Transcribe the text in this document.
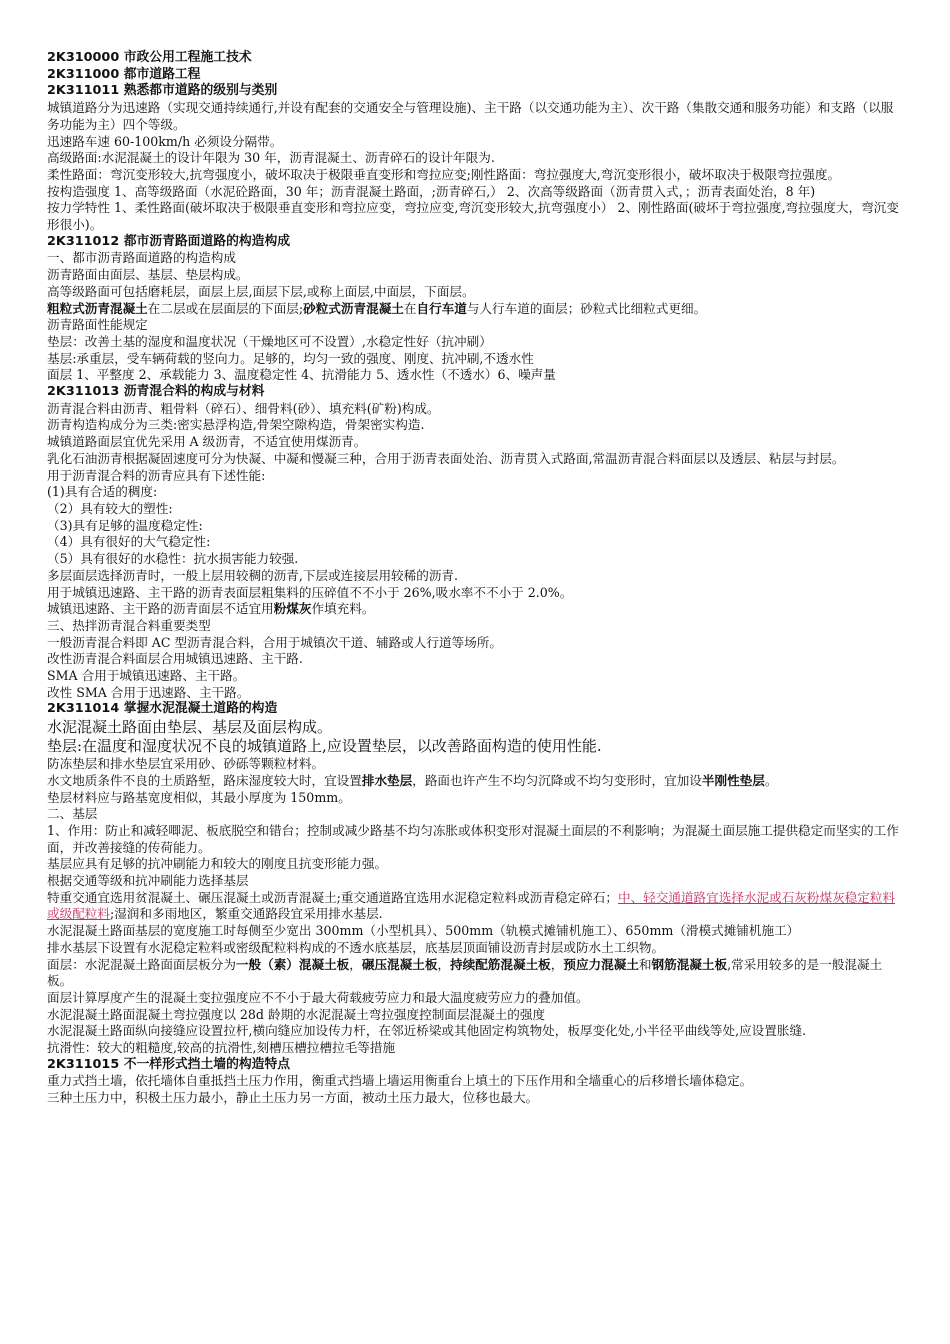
2K310000 市政公用工程施工技术
2K311000 都市道路工程
2K311011 熟悉都市道路的级别与类别
城镇道路分为迅速路（实现交通持续通行,并设有配套的交通安全与管理设施)、主干路（以交通功能为主）、次干路（集散交通和服务功能）和支路（以服务功能为主）四个等级。
迅速路车速 60-100km/h 必须设分隔带。
高级路面:水泥混凝土的设计年限为 30 年，沥青混凝土、沥青碎石的设计年限为.
柔性路面：弯沉变形较大,抗弯强度小，破坏取决于极限垂直变形和弯拉应变;刚性路面：弯拉强度大,弯沉变形很小，破坏取决于极限弯拉强度。
按构造强度 1、高等级路面（水泥砼路面，30 年；沥青混凝土路面，;沥青碎石,） 2、次高等级路面（沥青贯入式，；沥青表面处治，8 年)
按力学特性 1、柔性路面(破坏取决于极限垂直变形和弯拉应变，弯拉应变,弯沉变形较大,抗弯强度小） 2、刚性路面(破坏于弯拉强度,弯拉强度大，弯沉变形很小)。
2K311012 都市沥青路面道路的构造构成
一、都市沥青路面道路的构造构成
沥青路面由面层、基层、垫层构成。
高等级路面可包括磨耗层，面层上层,面层下层,或称上面层,中面层，下面层。
粗粒式沥青混凝土在二层或在层面层的下面层;砂粒式沥青混凝土在自行车道与人行车道的面层；砂粒式比细粒式更细。
沥青路面性能规定
垫层：改善土基的湿度和温度状况（干燥地区可不设置）,水稳定性好（抗冲刷）
基层:承重层，受车辆荷载的竖向力。足够的，均匀一致的强度、刚度、抗冲刷,不透水性
面层 1、平整度 2、承载能力 3、温度稳定性 4、抗滑能力 5、透水性（不透水）6、噪声量
2K311013 沥青混合料的构成与材料
沥青混合料由沥青、粗骨料（碎石）、细骨料(砂）、填充料(矿粉)构成。
沥青构造构成分为三类:密实悬浮构造,骨架空隙构造，骨架密实构造.
城镇道路面层宜优先采用 A 级沥青，不适宜使用煤沥青。
乳化石油沥青根据凝固速度可分为快凝、中凝和慢凝三种，合用于沥青表面处治、沥青贯入式路面,常温沥青混合料面层以及透层、粘层与封层。
用于沥青混合料的沥青应具有下述性能:
(1)具有合适的稠度:
（2）具有较大的塑性:
（3)具有足够的温度稳定性:
（4）具有很好的大气稳定性:
（5）具有很好的水稳性：抗水损害能力较强.
多层面层选择沥青时，一般上层用较稠的沥青,下层或连接层用较稀的沥青.
用于城镇迅速路、主干路的沥青表面层粗集料的压碎值不不小于 26%,吸水率不不小于 2.0%。
城镇迅速路、主干路的沥青面层不适宜用粉煤灰作填充料。
三、热拌沥青混合料重要类型
一般沥青混合料即 AC 型沥青混合料，合用于城镇次干道、辅路或人行道等场所。
改性沥青混合料面层合用城镇迅速路、主干路.
SMA 合用于城镇迅速路、主干路。
改性 SMA 合用于迅速路、主干路。
2K311014 掌握水泥混凝土道路的构造
水泥混凝土路面由垫层、基层及面层构成。
垫层:在温度和湿度状况不良的城镇道路上,应设置垫层，以改善路面构造的使用性能.
防冻垫层和排水垫层宜采用砂、砂砾等颗粒材料。
水文地质条件不良的土质路堑，路床湿度较大时，宜设置排水垫层，路面也许产生不均匀沉降或不均匀变形时，宜加设半刚性垫层。
垫层材料应与路基宽度相似，其最小厚度为 150mm。
二、基层
1、作用：防止和减轻唧泥、板底脱空和错台；控制或减少路基不均匀冻胀或体积变形对混凝土面层的不利影响；为混凝土面层施工提供稳定而坚实的工作面，并改善接缝的传荷能力。
基层应具有足够的抗冲刷能力和较大的刚度且抗变形能力强。
根据交通等级和抗冲刷能力选择基层
特重交通宜选用贫混凝土、碾压混凝土或沥青混凝土;重交通道路宜选用水泥稳定粒料或沥青稳定碎石；中、轻交通道路宜选择水泥或石灰粉煤灰稳定粒料或级配粒料;湿润和多雨地区，繁重交通路段宜采用排水基层.
水泥混凝土路面基层的宽度施工时每侧至少宽出 300mm（小型机具）、500mm（轨模式摊铺机施工）、650mm（滑模式摊铺机施工）
排水基层下设置有水泥稳定粒料或密级配粒料构成的不透水底基层，底基层顶面铺设沥青封层或防水土工织物。
面层：水泥混凝土路面面层板分为一般（素）混凝土板，碾压混凝土板，持续配筋混凝土板，预应力混凝土和钢筋混凝土板,常采用较多的是一般混凝土板。
面层计算厚度产生的混凝土变拉强度应不不小于最大荷载疲劳应力和最大温度疲劳应力的叠加值。
水泥混凝土路面混凝土弯拉强度以 28d 龄期的水泥混凝土弯拉强度控制面层混凝土的强度
水泥混凝土路面纵向接缝应设置拉杆,横向缝应加设传力杆，在邻近桥梁或其他固定构筑物处，板厚变化处,小半径平曲线等处,应设置胀缝.
抗滑性：较大的粗糙度,较高的抗滑性,刻槽压槽拉槽拉毛等措施
2K311015 不一样形式挡土墙的构造特点
重力式挡土墙，依托墙体自重抵挡土压力作用，衡重式挡墙上墙运用衡重台上填土的下压作用和全墙重心的后移增长墙体稳定。
三种土压力中，积极土压力最小，静止土压力另一方面，被动土压力最大，位移也最大。
